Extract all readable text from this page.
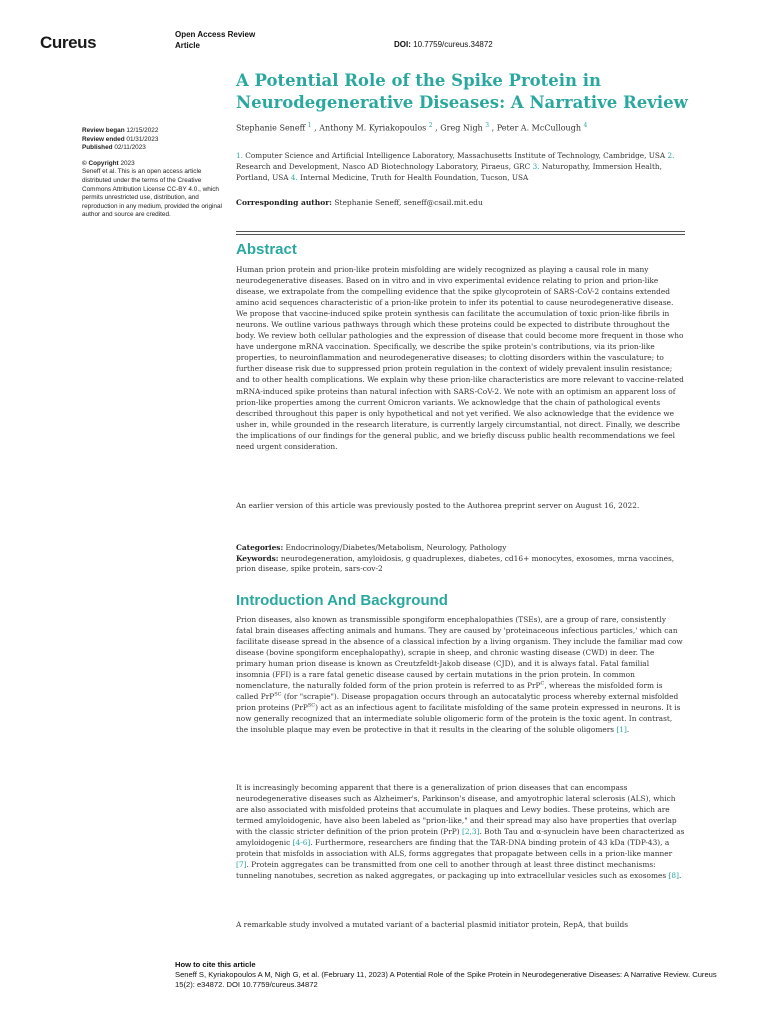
Cureus	Open Access Review
Article	DOI: 10.7759/cureus.34872
A Potential Role of the Spike Protein in Neurodegenerative Diseases: A Narrative Review
Review began 12/15/2022
Review ended 01/31/2023
Published 02/11/2023
© Copyright 2023
Seneff et al. This is an open access article distributed under the terms of the Creative Commons Attribution License CC-BY 4.0., which permits unrestricted use, distribution, and reproduction in any medium, provided the original author and source are credited.
Stephanie Seneff $^1$ , Anthony M. Kyriakopoulos $^2$ , Greg Nigh $^3$ , Peter A. McCullough $^4$
1. Computer Science and Artificial Intelligence Laboratory, Massachusetts Institute of Technology, Cambridge, USA 2. Research and Development, Nasco AD Biotechnology Laboratory, Piraeus, GRC 3. Naturopathy, Immersion Health, Portland, USA 4. Internal Medicine, Truth for Health Foundation, Tucson, USA
Corresponding author: Stephanie Seneff, seneff@csail.mit.edu
Abstract

Human prion protein and prion-like protein misfolding are widely recognized as playing a causal role in many neurodegenerative diseases. Based on in vitro and in vivo experimental evidence relating to prion and prion-like disease, we extrapolate from the compelling evidence that the spike glycoprotein of SARS-CoV-2 contains extended amino acid sequences characteristic of a prion-like protein to infer its potential to cause neurodegenerative disease. We propose that vaccine-induced spike protein synthesis can facilitate the accumulation of toxic prion-like fibrils in neurons. We outline various pathways through which these proteins could be expected to distribute throughout the body. We review both cellular pathologies and the expression of disease that could become more frequent in those who have undergone mRNA vaccination. Specifically, we describe the spike protein's contributions, via its prion-like properties, to neuroinflammation and neurodegenerative diseases; to clotting disorders within the vasculature; to further disease risk due to suppressed prion protein regulation in the context of widely prevalent insulin resistance; and to other health complications. We explain why these prion-like characteristics are more relevant to vaccine-related mRNA-induced spike proteins than natural infection with SARS-CoV-2. We note with an optimism an apparent loss of prion-like properties among the current Omicron variants. We acknowledge that the chain of pathological events described throughout this paper is only hypothetical and not yet verified. We also acknowledge that the evidence we usher in, while grounded in the research literature, is currently largely circumstantial, not direct. Finally, we describe the implications of our findings for the general public, and we briefly discuss public health recommendations we feel need urgent consideration.

An earlier version of this article was previously posted to the Authorea preprint server on August 16, 2022.

Categories: Endocrinology/Diabetes/Metabolism, Neurology, Pathology
Keywords: neurodegeneration, amyloidosis, g quadruplexes, diabetes, cd16+ monocytes, exosomes, mrna vaccines, prion disease, spike protein, sars-cov-2
Introduction And Background

Prion diseases, also known as transmissible spongiform encephalopathies (TSEs), are a group of rare, consistently fatal brain diseases affecting animals and humans. They are caused by 'proteinaceous infectious particles,' which can facilitate disease spread in the absence of a classical infection by a living organism. They include the familiar mad cow disease (bovine spongiform encephalopathy), scrapie in sheep, and chronic wasting disease (CWD) in deer. The primary human prion disease is known as Creutzfeldt-Jakob disease (CJD), and it is always fatal. Fatal familial insomnia (FFI) is a rare fatal genetic disease caused by certain mutations in the prion protein. In common nomenclature, the naturally folded form of the prion protein is referred to as PrP$^C$, whereas the misfolded form is called PrP$^{SC}$ (for "scrapie"). Disease propagation occurs through an autocatalytic process whereby external misfolded prion proteins (PrP$^{SC}$) act as an infectious agent to facilitate misfolding of the same protein expressed in neurons. It is now generally recognized that an intermediate soluble oligomeric form of the protein is the toxic agent. In contrast, the insoluble plaque may even be protective in that it results in the clearing of the soluble oligomers [1].

It is increasingly becoming apparent that there is a generalization of prion diseases that can encompass neurodegenerative diseases such as Alzheimer's, Parkinson's disease, and amyotrophic lateral sclerosis (ALS), which are also associated with misfolded proteins that accumulate in plaques and Lewy bodies. These proteins, which are termed amyloidogenic, have also been labeled as "prion-like," and their spread may also have properties that overlap with the classic stricter definition of the prion protein (PrP) [2,3]. Both Tau and α-synuclein have been characterized as amyloidogenic [4-6]. Furthermore, researchers are finding that the TAR-DNA binding protein of 43 kDa (TDP-43), a protein that misfolds in association with ALS, forms aggregates that propagate between cells in a prion-like manner [7]. Protein aggregates can be transmitted from one cell to another through at least three distinct mechanisms: tunneling nanotubes, secretion as naked aggregates, or packaging up into extracellular vesicles such as exosomes [8].

A remarkable study involved a mutated variant of a bacterial plasmid initiator protein, RepA, that builds

How to cite this article
Seneff S, Kyriakopoulos A M, Nigh G, et al. (February 11, 2023) A Potential Role of the Spike Protein in Neurodegenerative Diseases: A Narrative Review. Cureus 15(2): e34872. DOI 10.7759/cureus.34872
